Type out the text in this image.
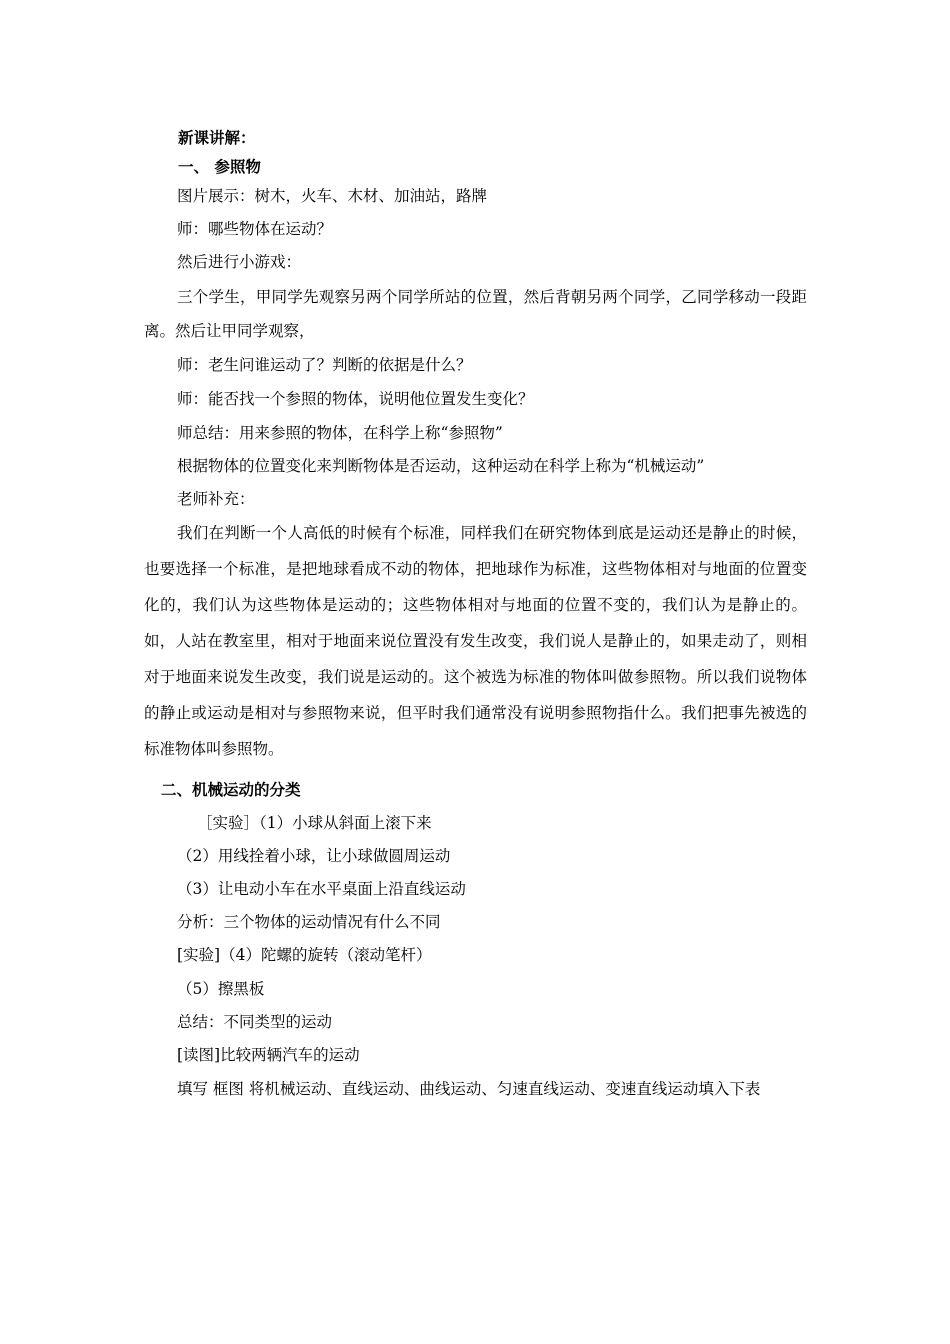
新课讲解：
一、 参照物
图片展示：树木，火车、木材、加油站，路牌
师：哪些物体在运动？
然后进行小游戏：
三个学生，甲同学先观察另两个同学所站的位置，然后背朝另两个同学，乙同学移动一段距离。然后让甲同学观察，
师：老生问谁运动了？判断的依据是什么？
师：能否找一个参照的物体，说明他位置发生变化？
师总结：用来参照的物体，在科学上称“参照物”
根据物体的位置变化来判断物体是否运动，这种运动在科学上称为“机械运动”
老师补充：
我们在判断一个人高低的时候有个标准，同样我们在研究物体到底是运动还是静止的时候，也要选择一个标准，是把地球看成不动的物体，把地球作为标准，这些物体相对与地面的位置变化的，我们认为这些物体是运动的；这些物体相对与地面的位置不变的，我们认为是静止的。如，人站在教室里，相对于地面来说位置没有发生改变，我们说人是静止的，如果走动了，则相对于地面来说发生改变，我们说是运动的。这个被选为标准的物体叫做参照物。所以我们说物体的静止或运动是相对与参照物来说，但平时我们通常没有说明参照物指什么。我们把事先被选的标准物体叫参照物。
二、机械运动的分类
［实验］（1）小球从斜面上滚下来
（2）用线拴着小球，让小球做圆周运动
（3）让电动小车在水平桌面上沿直线运动
分析：三个物体的运动情况有什么不同
[实验]（4）陀螺的旋转（滚动笔杆）
（5）擦黑板
总结：不同类型的运动
[读图]比较两辆汽车的运动
填写 框图 将机械运动、直线运动、曲线运动、匀速直线运动、变速直线运动填入下表
